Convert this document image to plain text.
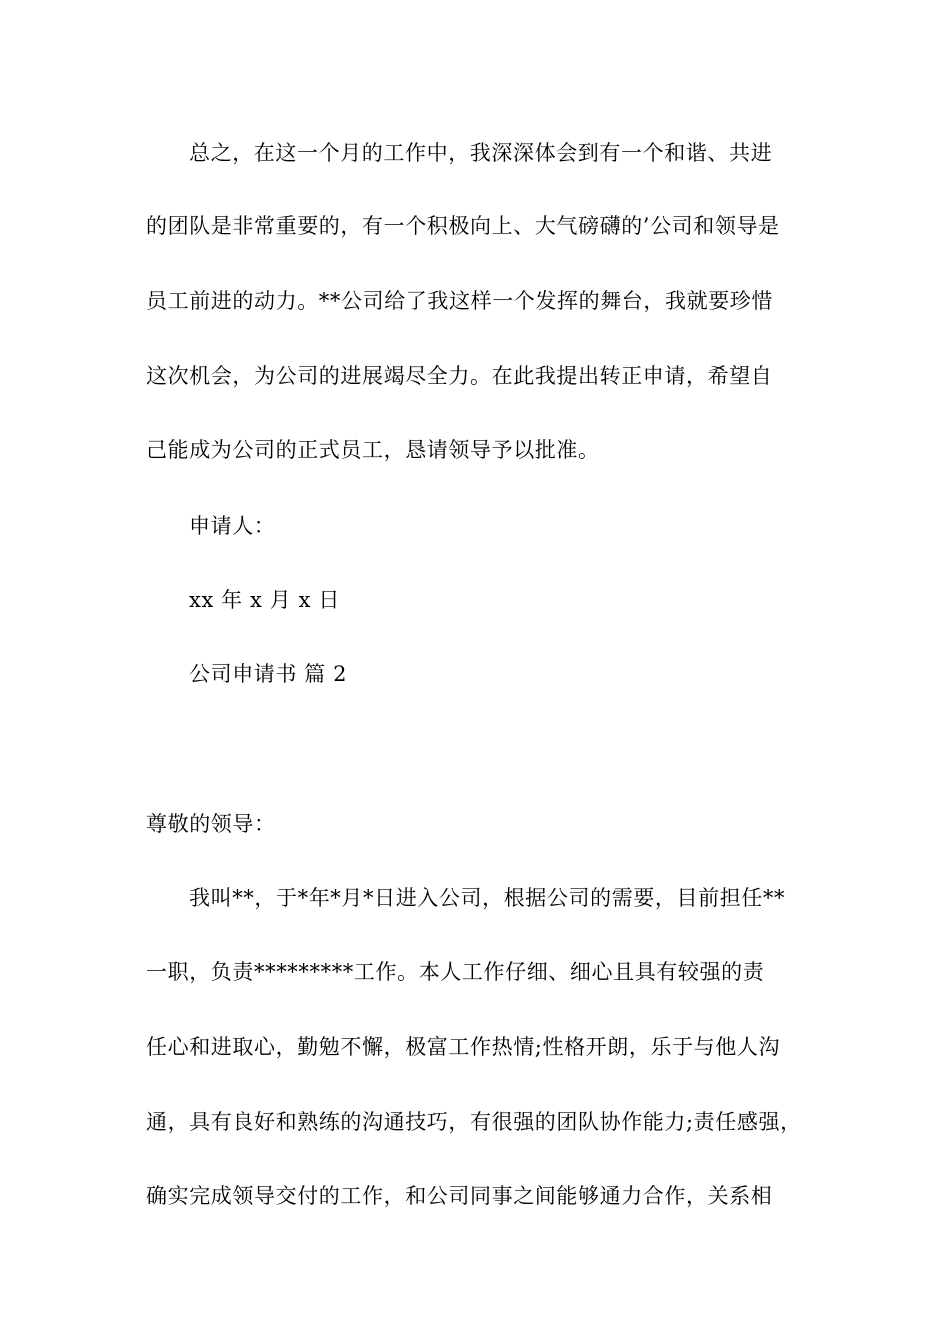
总之，在这一个月的工作中，我深深体会到有一个和谐、共进
的团队是非常重要的，有一个积极向上、大气磅礴的’公司和领导是
员工前进的动力。**公司给了我这样一个发挥的舞台，我就要珍惜
这次机会，为公司的进展竭尽全力。在此我提出转正申请，希望自
己能成为公司的正式员工，恳请领导予以批准。
申请人：
xx 年 x 月 x 日
公司申请书 篇 2
尊敬的领导：
我叫**，于*年*月*日进入公司，根据公司的需要，目前担任**
一职，负责*********工作。本人工作仔细、细心且具有较强的责
任心和进取心，勤勉不懈，极富工作热情;性格开朗，乐于与他人沟
通，具有良好和熟练的沟通技巧，有很强的团队协作能力;责任感强，
确实完成领导交付的工作，和公司同事之间能够通力合作，关系相
